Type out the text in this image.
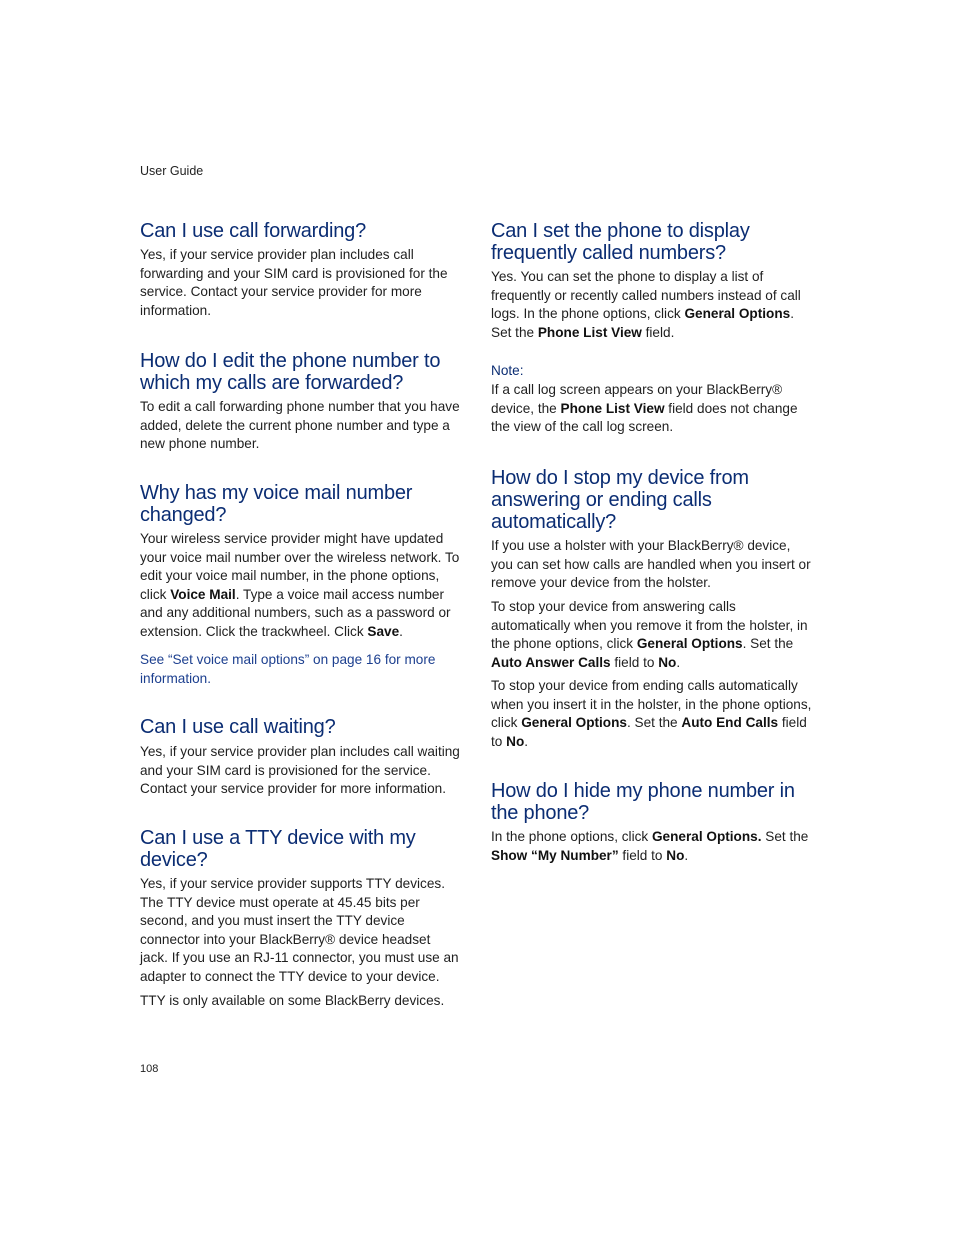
User Guide
Can I use call forwarding?

Yes, if your service provider plan includes call forwarding and your SIM card is provisioned for the service. Contact your service provider for more information.

How do I edit the phone number to which my calls are forwarded?

To edit a call forwarding phone number that you have added, delete the current phone number and type a new phone number.

Why has my voice mail number changed?

Your wireless service provider might have updated your voice mail number over the wireless network. To edit your voice mail number, in the phone options, click Voice Mail. Type a voice mail access number and any additional numbers, such as a password or extension. Click the trackwheel. Click Save.

See “Set voice mail options” on page 16 for more information.

Can I use call waiting?

Yes, if your service provider plan includes call waiting and your SIM card is provisioned for the service. Contact your service provider for more information.

Can I use a TTY device with my device?

Yes, if your service provider supports TTY devices. The TTY device must operate at 45.45 bits per second, and you must insert the TTY device connector into your BlackBerry® device headset jack. If you use an RJ-11 connector, you must use an adapter to connect the TTY device to your device.

TTY is only available on some BlackBerry devices.

Can I set the phone to display frequently called numbers?

Yes. You can set the phone to display a list of frequently or recently called numbers instead of call logs. In the phone options, click General Options. Set the Phone List View field.

Note:

If a call log screen appears on your BlackBerry® device, the Phone List View field does not change the view of the call log screen.

How do I stop my device from answering or ending calls automatically?

If you use a holster with your BlackBerry® device, you can set how calls are handled when you insert or remove your device from the holster.

To stop your device from answering calls automatically when you remove it from the holster, in the phone options, click General Options. Set the Auto Answer Calls field to No.

To stop your device from ending calls automatically when you insert it in the holster, in the phone options, click General Options. Set the Auto End Calls field to No.

How do I hide my phone number in the phone?

In the phone options, click General Options. Set the Show “My Number” field to No.

108
